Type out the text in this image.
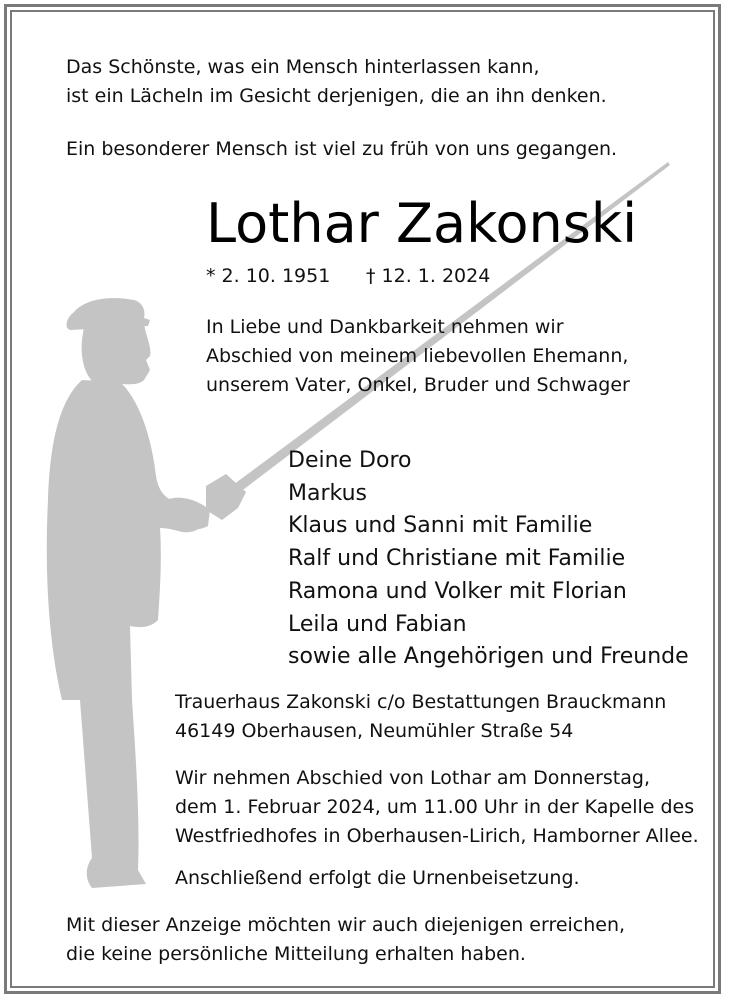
Das Schönste, was ein Mensch hinterlassen kann,
ist ein Lächeln im Gesicht derjenigen, die an ihn denken.
Ein besonderer Mensch ist viel zu früh von uns gegangen.
Lothar Zakonski
* 2. 10. 1951 † 12. 1. 2024
In Liebe und Dankbarkeit nehmen wir
Abschied von meinem liebevollen Ehemann,
unserem Vater, Onkel, Bruder und Schwager
Deine Doro
Markus
Klaus und Sanni mit Familie
Ralf und Christiane mit Familie
Ramona und Volker mit Florian
Leila und Fabian
sowie alle Angehörigen und Freunde
Trauerhaus Zakonski c/o Bestattungen Brauckmann
46149 Oberhausen, Neumühler Straße 54
Wir nehmen Abschied von Lothar am Donnerstag,
dem 1. Februar 2024, um 11.00 Uhr in der Kapelle des
Westfriedhofes in Oberhausen-Lirich, Hamborner Allee.
Anschließend erfolgt die Urnenbeisetzung.
Mit dieser Anzeige möchten wir auch diejenigen erreichen,
die keine persönliche Mitteilung erhalten haben.
